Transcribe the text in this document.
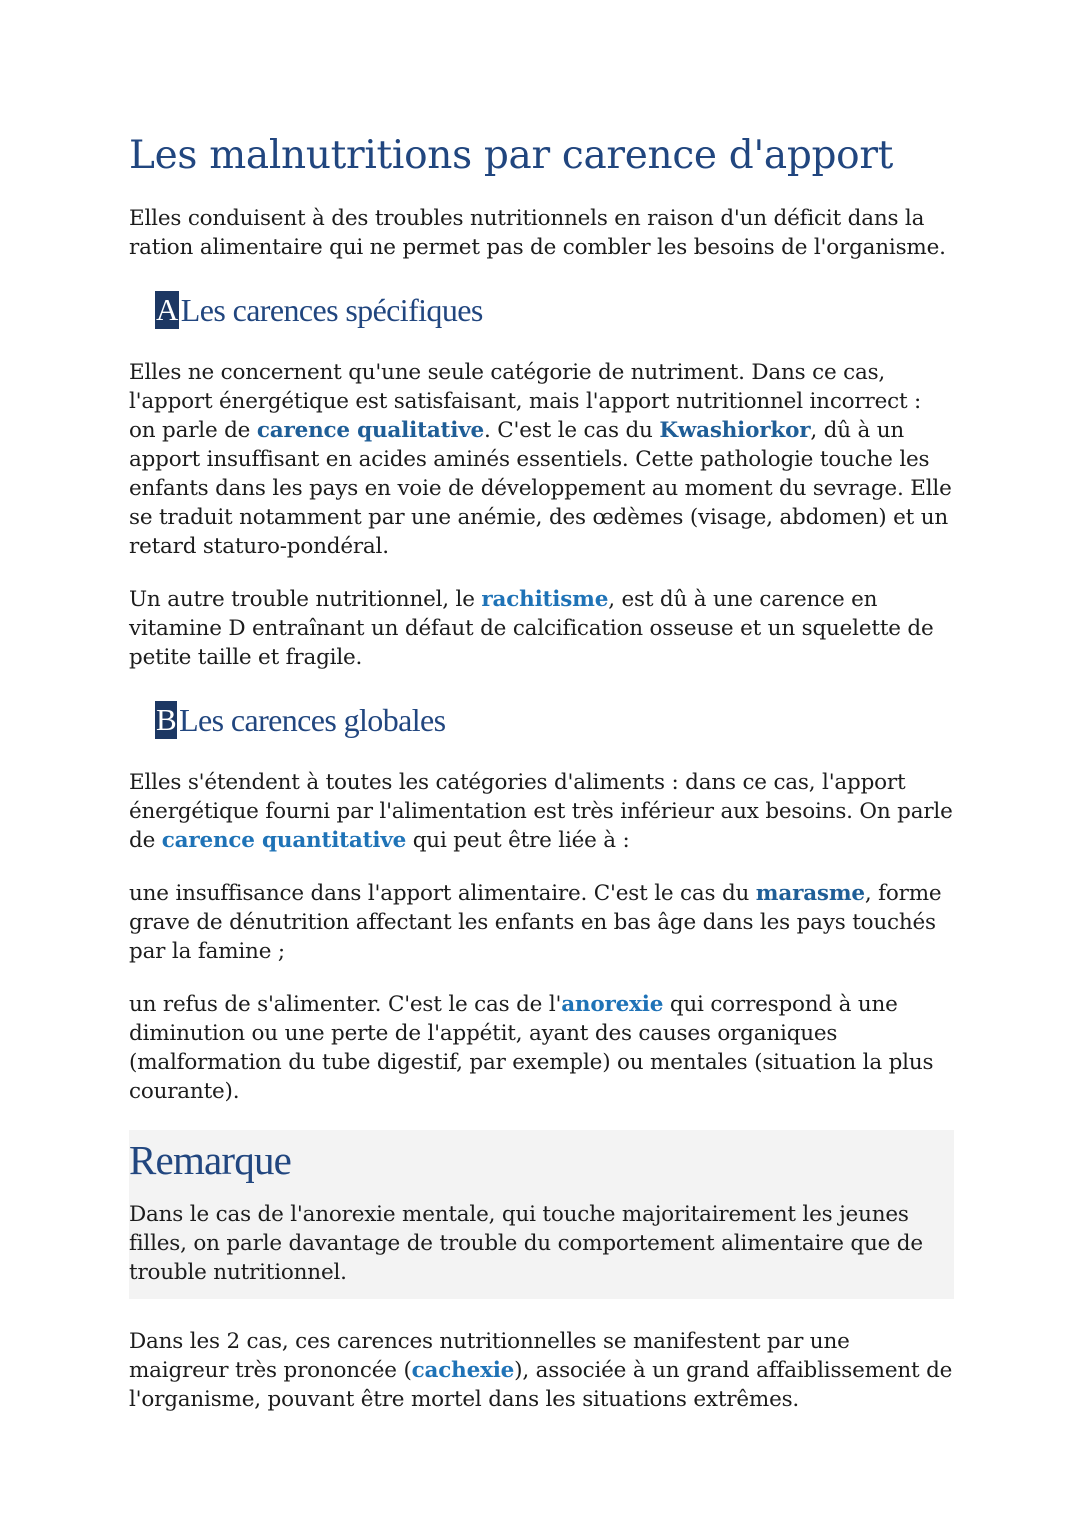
Les malnutritions par carence d'apport

Elles conduisent à des troubles nutritionnels en raison d'un déficit dans la ration alimentaire qui ne permet pas de combler les besoins de l'organisme.

A Les carences spécifiques

Elles ne concernent qu'une seule catégorie de nutriment. Dans ce cas, l'apport énergétique est satisfaisant, mais l'apport nutritionnel incorrect : on parle de carence qualitative. C'est le cas du Kwashiorkor, dû à un apport insuffisant en acides aminés essentiels. Cette pathologie touche les enfants dans les pays en voie de développement au moment du sevrage. Elle se traduit notamment par une anémie, des œdèmes (visage, abdomen) et un retard staturo-pondéral.

Un autre trouble nutritionnel, le rachitisme, est dû à une carence en vitamine D entraînant un défaut de calcification osseuse et un squelette de petite taille et fragile.

B Les carences globales

Elles s'étendent à toutes les catégories d'aliments : dans ce cas, l'apport énergétique fourni par l'alimentation est très inférieur aux besoins. On parle de carence quantitative qui peut être liée à :

une insuffisance dans l'apport alimentaire. C'est le cas du marasme, forme grave de dénutrition affectant les enfants en bas âge dans les pays touchés par la famine ;

un refus de s'alimenter. C'est le cas de l'anorexie qui correspond à une diminution ou une perte de l'appétit, ayant des causes organiques (malformation du tube digestif, par exemple) ou mentales (situation la plus courante).

Remarque

Dans le cas de l'anorexie mentale, qui touche majoritairement les jeunes filles, on parle davantage de trouble du comportement alimentaire que de trouble nutritionnel.

Dans les 2 cas, ces carences nutritionnelles se manifestent par une maigreur très prononcée (cachexie), associée à un grand affaiblissement de l'organisme, pouvant être mortel dans les situations extrêmes.
